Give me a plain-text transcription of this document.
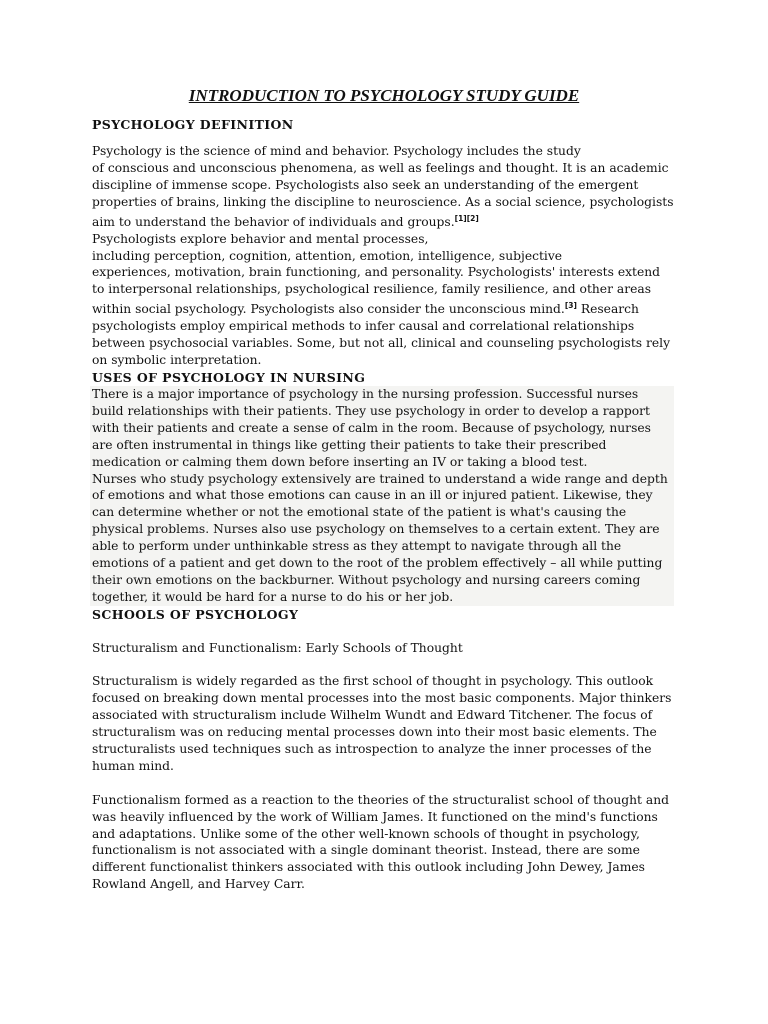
INTRODUCTION TO PSYCHOLOGY STUDY GUIDE

PSYCHOLOGY DEFINITION

Psychology is the science of mind and behavior. Psychology includes the study

of conscious and unconscious phenomena, as well as feelings and thought. It is an academic

discipline of immense scope. Psychologists also seek an understanding of the emergent

properties of brains, linking the discipline to neuroscience. As a social science, psychologists

aim to understand the behavior of individuals and groups.[1][2]

Psychologists explore behavior and mental processes,

including perception, cognition, attention, emotion, intelligence, subjective

experiences, motivation, brain functioning, and personality. Psychologists' interests extend

to interpersonal relationships, psychological resilience, family resilience, and other areas

within social psychology. Psychologists also consider the unconscious mind.[3] Research

psychologists employ empirical methods to infer causal and correlational relationships

between psychosocial variables. Some, but not all, clinical and counseling psychologists rely

on symbolic interpretation.

USES OF PSYCHOLOGY IN NURSING

There is a major importance of psychology in the nursing profession. Successful nurses

build relationships with their patients. They use psychology in order to develop a rapport

with their patients and create a sense of calm in the room. Because of psychology, nurses

are often instrumental in things like getting their patients to take their prescribed

medication or calming them down before inserting an IV or taking a blood test.

Nurses who study psychology extensively are trained to understand a wide range and depth

of emotions and what those emotions can cause in an ill or injured patient. Likewise, they

can determine whether or not the emotional state of the patient is what's causing the

physical problems. Nurses also use psychology on themselves to a certain extent. They are

able to perform under unthinkable stress as they attempt to navigate through all the

emotions of a patient and get down to the root of the problem effectively – all while putting

their own emotions on the backburner. Without psychology and nursing careers coming

together, it would be hard for a nurse to do his or her job.

SCHOOLS OF PSYCHOLOGY

Structuralism and Functionalism: Early Schools of Thought

Structuralism is widely regarded as the first school of thought in psychology. This outlook

focused on breaking down mental processes into the most basic components. Major thinkers

associated with structuralism include Wilhelm Wundt and Edward Titchener. The focus of

structuralism was on reducing mental processes down into their most basic elements. The

structuralists used techniques such as introspection to analyze the inner processes of the

human mind.

Functionalism formed as a reaction to the theories of the structuralist school of thought and

was heavily influenced by the work of William James. It functioned on the mind's functions

and adaptations. Unlike some of the other well-known schools of thought in psychology,

functionalism is not associated with a single dominant theorist. Instead, there are some

different functionalist thinkers associated with this outlook including John Dewey, James

Rowland Angell, and Harvey Carr.
